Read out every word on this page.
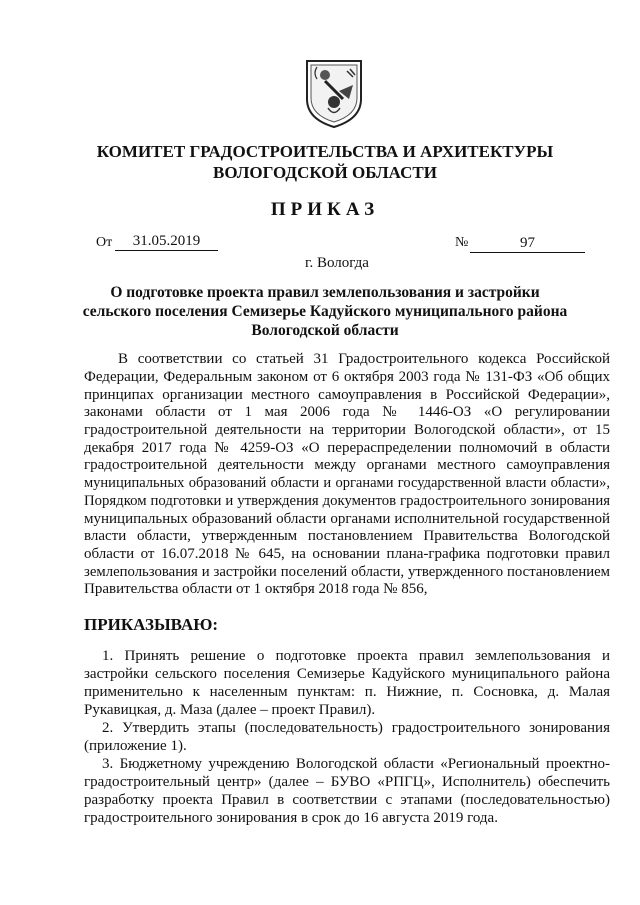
КОМИТЕТ ГРАДОСТРОИТЕЛЬСТВА И АРХИТЕКТУРЫ
ВОЛОГОДСКОЙ ОБЛАСТИ
ПРИКАЗ
От	31.05.2019	№	97
г. Вологда
О подготовке проекта правил землепользования и застройки
сельского поселения Семизерье Кадуйского муниципального района
Вологодской области
В соответствии со статьей 31 Градостроительного кодекса Российской
Федерации, Федеральным законом от 6 октября 2003 года № 131-ФЗ «Об общих
принципах организации местного самоуправления в Российской Федерации»,
законами области от 1 мая 2006 года № 1446-ОЗ «О регулировании
градостроительной деятельности на территории Вологодской области», от 15
декабря 2017 года № 4259-ОЗ «О перераспределении полномочий в области
градостроительной деятельности между органами местного самоуправления
муниципальных образований области и органами государственной власти области»,
Порядком подготовки и утверждения документов градостроительного зонирования
муниципальных образований области органами исполнительной государственной
власти области, утвержденным постановлением Правительства Вологодской
области от 16.07.2018 № 645, на основании плана-графика подготовки правил
землепользования и застройки поселений области, утвержденного постановлением
Правительства области от 1 октября 2018 года № 856,
ПРИКАЗЫВАЮ:
1. Принять решение о подготовке проекта правил землепользования и
застройки сельского поселения Семизерье Кадуйского муниципального района
применительно к населенным пунктам: п. Нижние, п. Сосновка, д. Малая
Рукавицкая, д. Маза (далее – проект Правил).
2. Утвердить этапы (последовательность) градостроительного зонирования
(приложение 1).
3. Бюджетному учреждению Вологодской области «Региональный проектно-
градостроительный центр» (далее – БУВО «РПГЦ», Исполнитель) обеспечить
разработку проекта Правил в соответствии с этапами (последовательностью)
градостроительного зонирования в срок до 16 августа 2019 года.
